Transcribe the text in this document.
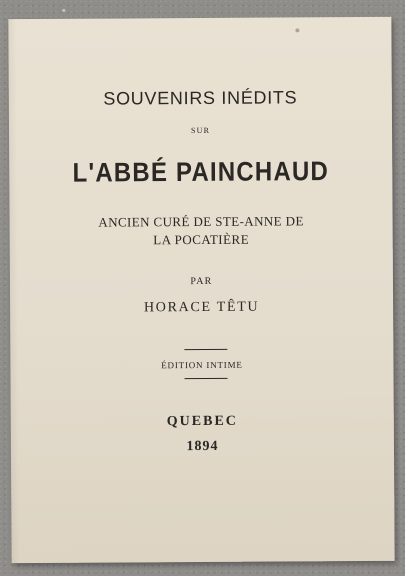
SOUVENIRS INÉDITS
SUR
L'ABBÉ PAINCHAUD
ANCIEN CURÉ DE STE-ANNE DE
LA POCATIÈRE
PAR
HORACE TÊTU
ÉDITION INTIME
QUEBEC
1894
